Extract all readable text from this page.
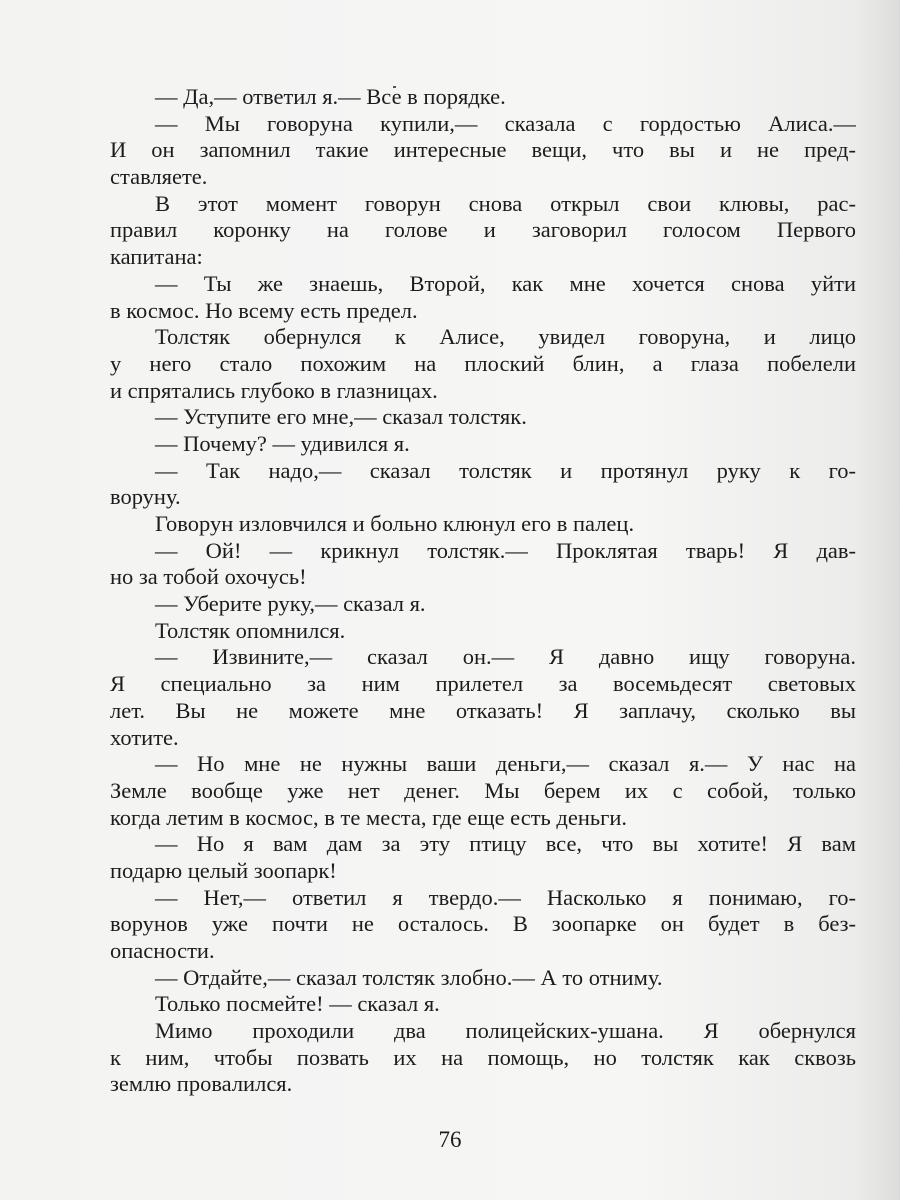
— Да,— ответил я.— Все в порядке.
— Мы говоруна купили,— сказала с гордостью Алиса.—
И он запомнил такие интересные вещи, что вы и не пред-
ставляете.
В этот момент говорун снова открыл свои клювы, рас-
правил коронку на голове и заговорил голосом Первого
капитана:
— Ты же знаешь, Второй, как мне хочется снова уйти
в космос. Но всему есть предел.
Толстяк обернулся к Алисе, увидел говоруна, и лицо
у него стало похожим на плоский блин, а глаза побелели
и спрятались глубоко в глазницах.
— Уступите его мне,— сказал толстяк.
— Почему? — удивился я.
— Так надо,— сказал толстяк и протянул руку к го-
воруну.
Говорун изловчился и больно клюнул его в палец.
— Ой! — крикнул толстяк.— Проклятая тварь! Я дав-
но за тобой охочусь!
— Уберите руку,— сказал я.
Толстяк опомнился.
— Извините,— сказал он.— Я давно ищу говоруна.
Я специально за ним прилетел за восемьдесят световых
лет. Вы не можете мне отказать! Я заплачу, сколько вы
хотите.
— Но мне не нужны ваши деньги,— сказал я.— У нас на
Земле вообще уже нет денег. Мы берем их с собой, только
когда летим в космос, в те места, где еще есть деньги.
— Но я вам дам за эту птицу все, что вы хотите! Я вам
подарю целый зоопарк!
— Нет,— ответил я твердо.— Насколько я понимаю, го-
ворунов уже почти не осталось. В зоопарке он будет в без-
опасности.
— Отдайте,— сказал толстяк злобно.— А то отниму.
Только посмейте! — сказал я.
Мимо проходили два полицейских-ушана. Я обернулся
к ним, чтобы позвать их на помощь, но толстяк как сквозь
землю провалился.
76
